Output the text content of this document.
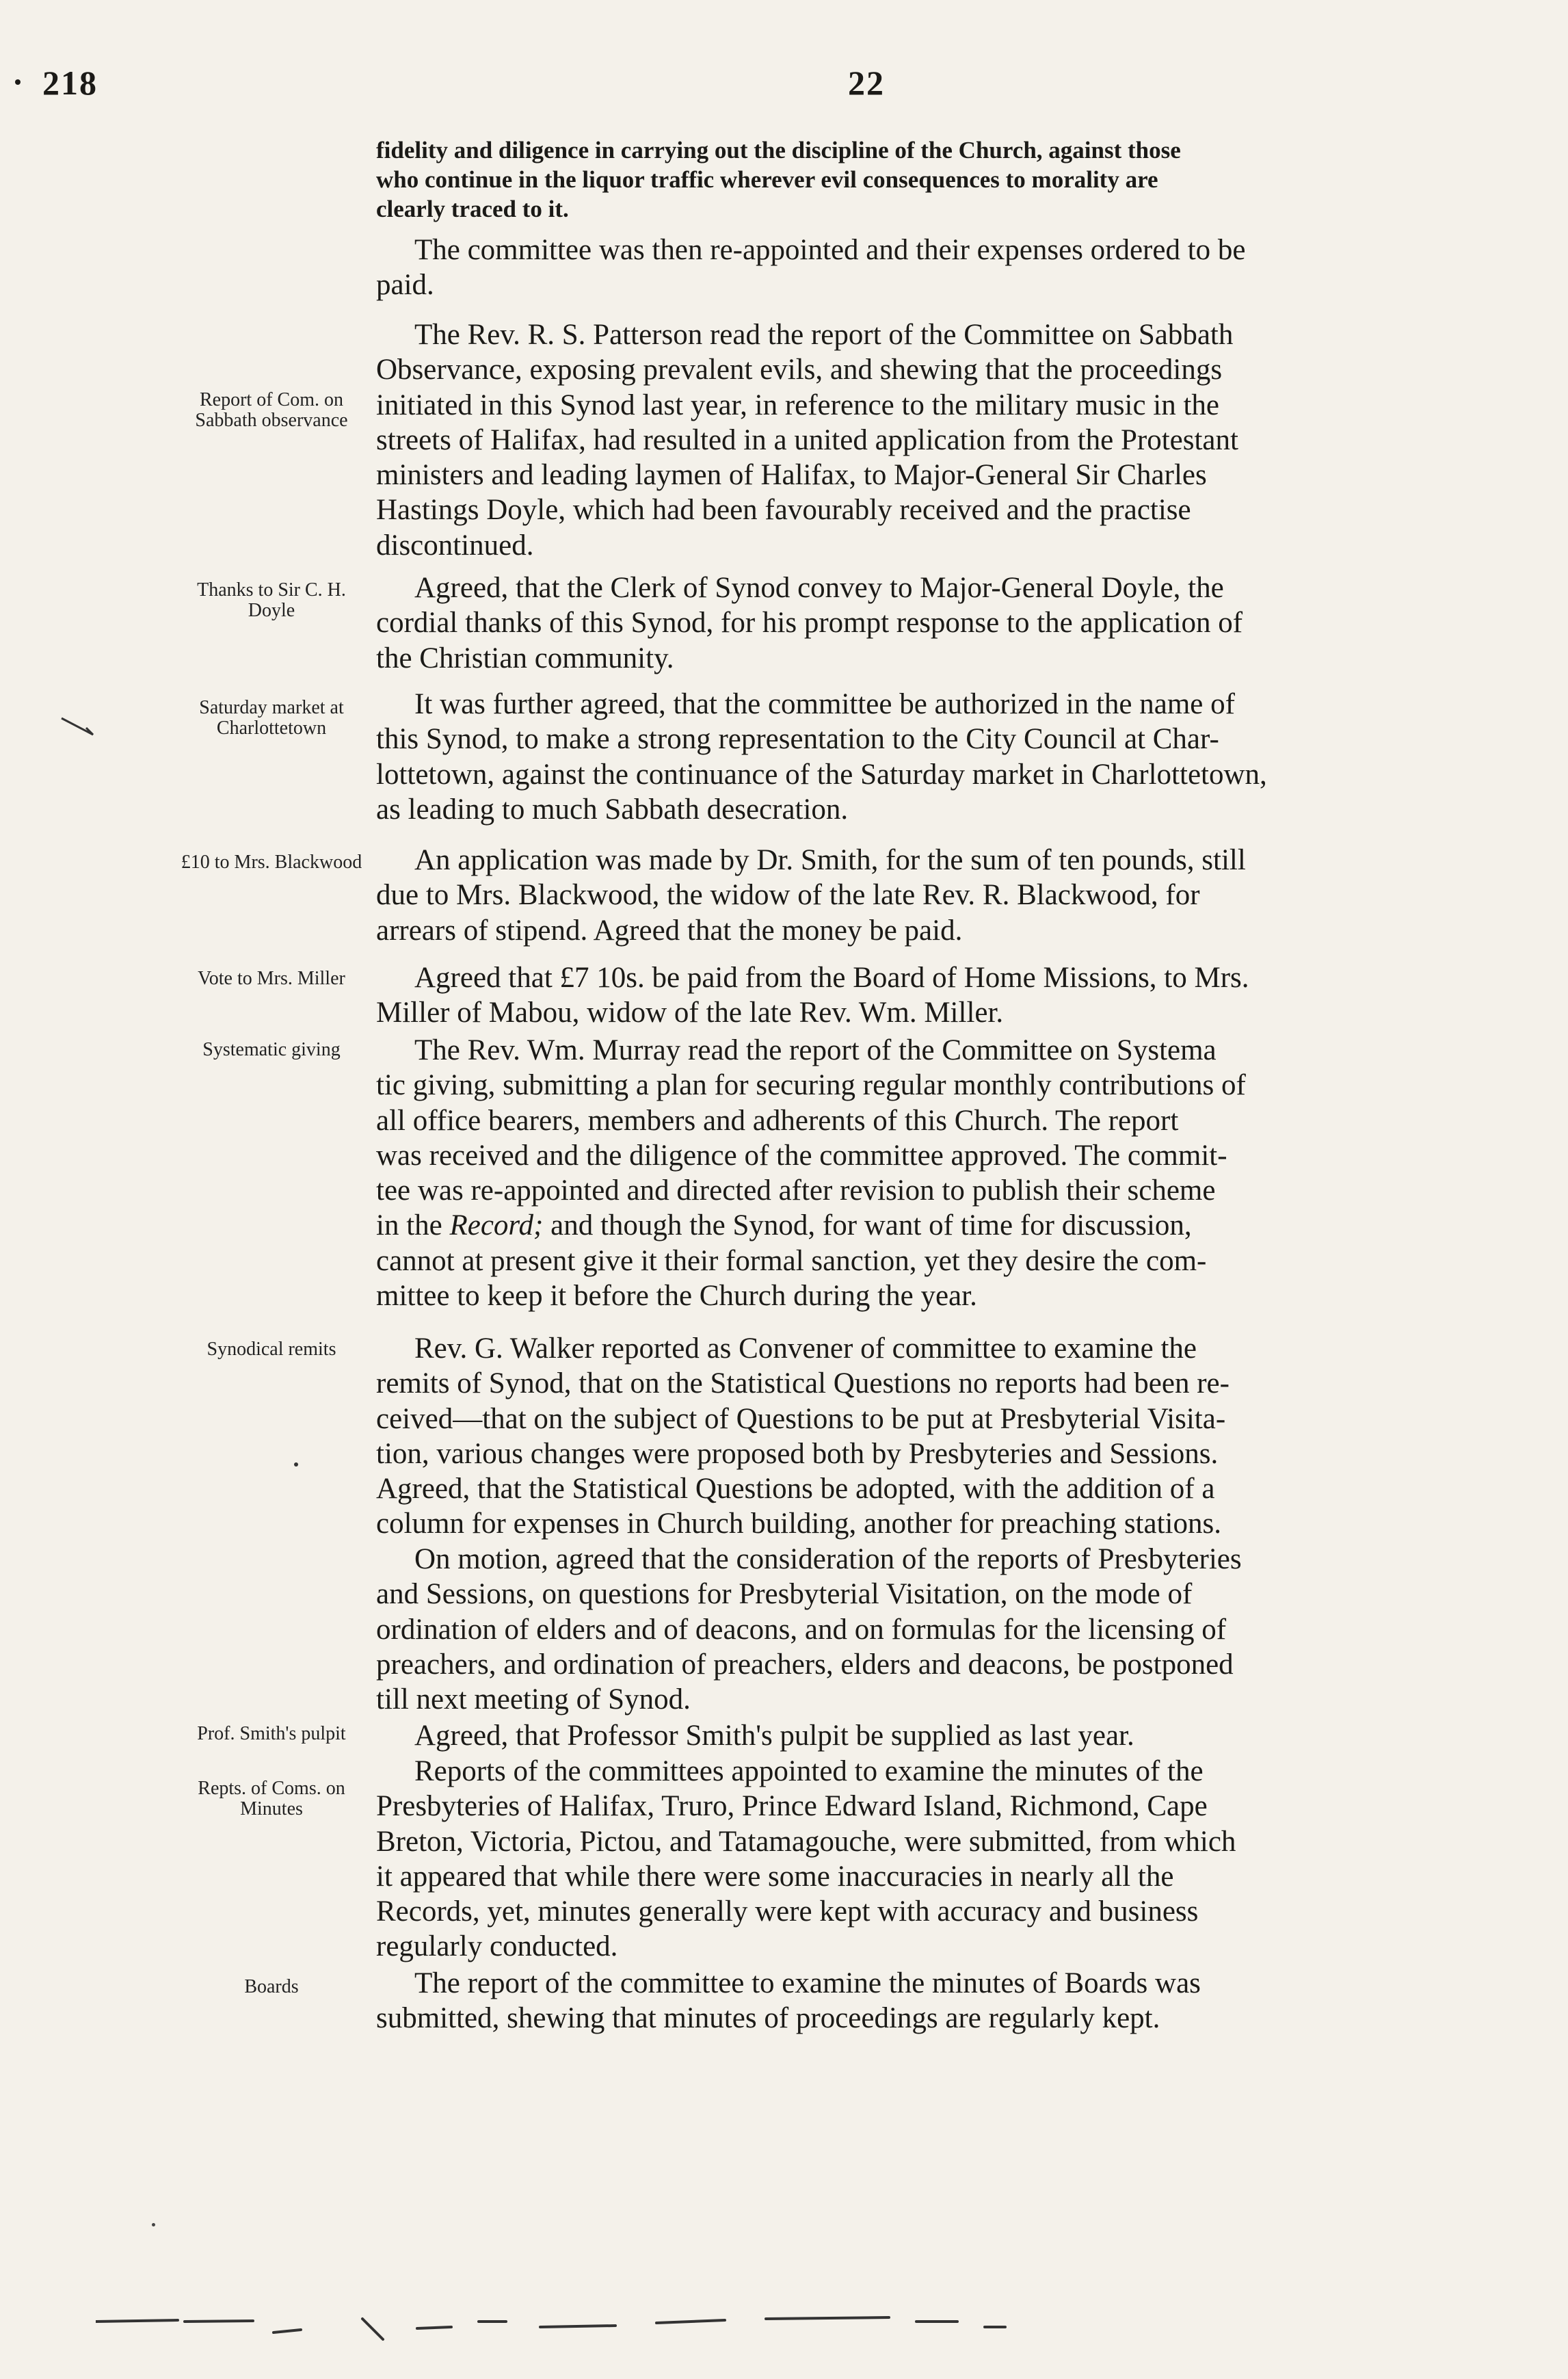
218	22
Report of Com. on Sabbath observance
Thanks to Sir C. H. Doyle
Saturday market at Charlottetown
£10 to Mrs. Blackwood
Vote to Mrs. Miller
Systematic giving
Synodical remits
Prof. Smith's pulpit
Repts. of Coms. on Minutes
Boards
fidelity and diligence in carrying out the discipline of the Church, against those
who continue in the liquor traffic wherever evil consequences to morality are
clearly traced to it.
The committee was then re-appointed and their expenses ordered to be
paid.
The Rev. R. S. Patterson read the report of the Committee on Sabbath
Observance, exposing prevalent evils, and shewing that the proceedings
initiated in this Synod last year, in reference to the military music in the
streets of Halifax, had resulted in a united application from the Protestant
ministers and leading laymen of Halifax, to Major-General Sir Charles
Hastings Doyle, which had been favourably received and the practise
discontinued.
Agreed, that the Clerk of Synod convey to Major-General Doyle, the
cordial thanks of this Synod, for his prompt response to the application of
the Christian community.
It was further agreed, that the committee be authorized in the name of
this Synod, to make a strong representation to the City Council at Char-
lottetown, against the continuance of the Saturday market in Charlottetown,
as leading to much Sabbath desecration.
An application was made by Dr. Smith, for the sum of ten pounds, still
due to Mrs. Blackwood, the widow of the late Rev. R. Blackwood, for
arrears of stipend. Agreed that the money be paid.
Agreed that £7 10s. be paid from the Board of Home Missions, to Mrs.
Miller of Mabou, widow of the late Rev. Wm. Miller.
The Rev. Wm. Murray read the report of the Committee on Systema
tic giving, submitting a plan for securing regular monthly contributions of
all office bearers, members and adherents of this Church. The report
was received and the diligence of the committee approved. The commit-
tee was re-appointed and directed after revision to publish their scheme
in the Record; and though the Synod, for want of time for discussion,
cannot at present give it their formal sanction, yet they desire the com-
mittee to keep it before the Church during the year.
Rev. G. Walker reported as Convener of committee to examine the
remits of Synod, that on the Statistical Questions no reports had been re-
ceived—that on the subject of Questions to be put at Presbyterial Visita-
tion, various changes were proposed both by Presbyteries and Sessions.
Agreed, that the Statistical Questions be adopted, with the addition of a
column for expenses in Church building, another for preaching stations.
On motion, agreed that the consideration of the reports of Presbyteries
and Sessions, on questions for Presbyterial Visitation, on the mode of
ordination of elders and of deacons, and on formulas for the licensing of
preachers, and ordination of preachers, elders and deacons, be postponed
till next meeting of Synod.
Agreed, that Professor Smith's pulpit be supplied as last year.
Reports of the committees appointed to examine the minutes of the
Presbyteries of Halifax, Truro, Prince Edward Island, Richmond, Cape
Breton, Victoria, Pictou, and Tatamagouche, were submitted, from which
it appeared that while there were some inaccuracies in nearly all the
Records, yet, minutes generally were kept with accuracy and business
regularly conducted.
The report of the committee to examine the minutes of Boards was
submitted, shewing that minutes of proceedings are regularly kept.
